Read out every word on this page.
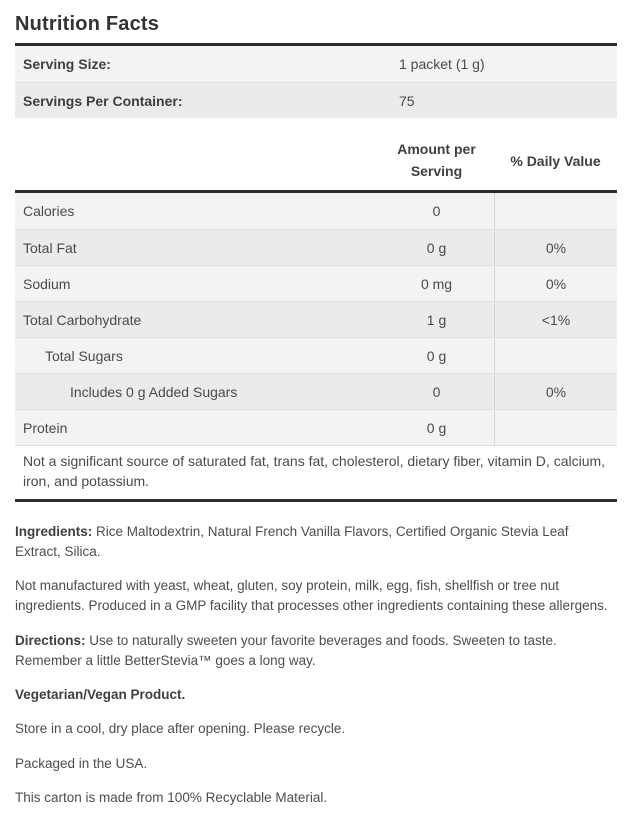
Nutrition Facts
Serving Size:	1 packet (1 g)
Servings Per Container:	75
Amount per Serving
% Daily Value
Calories	0
Total Fat	0 g	0%
Sodium	0 mg	0%
Total Carbohydrate	1 g	<1%
Total Sugars	0 g
Includes 0 g Added Sugars	0	0%
Protein	0 g
Not a significant source of saturated fat, trans fat, cholesterol, dietary fiber, vitamin D, calcium, iron, and potassium.

Ingredients: Rice Maltodextrin, Natural French Vanilla Flavors, Certified Organic Stevia Leaf Extract, Silica.

Not manufactured with yeast, wheat, gluten, soy protein, milk, egg, fish, shellfish or tree nut ingredients. Produced in a GMP facility that processes other ingredients containing these allergens.

Directions: Use to naturally sweeten your favorite beverages and foods. Sweeten to taste. Remember a little BetterStevia™ goes a long way.

Vegetarian/Vegan Product.

Store in a cool, dry place after opening. Please recycle.

Packaged in the USA.

This carton is made from 100% Recyclable Material.
